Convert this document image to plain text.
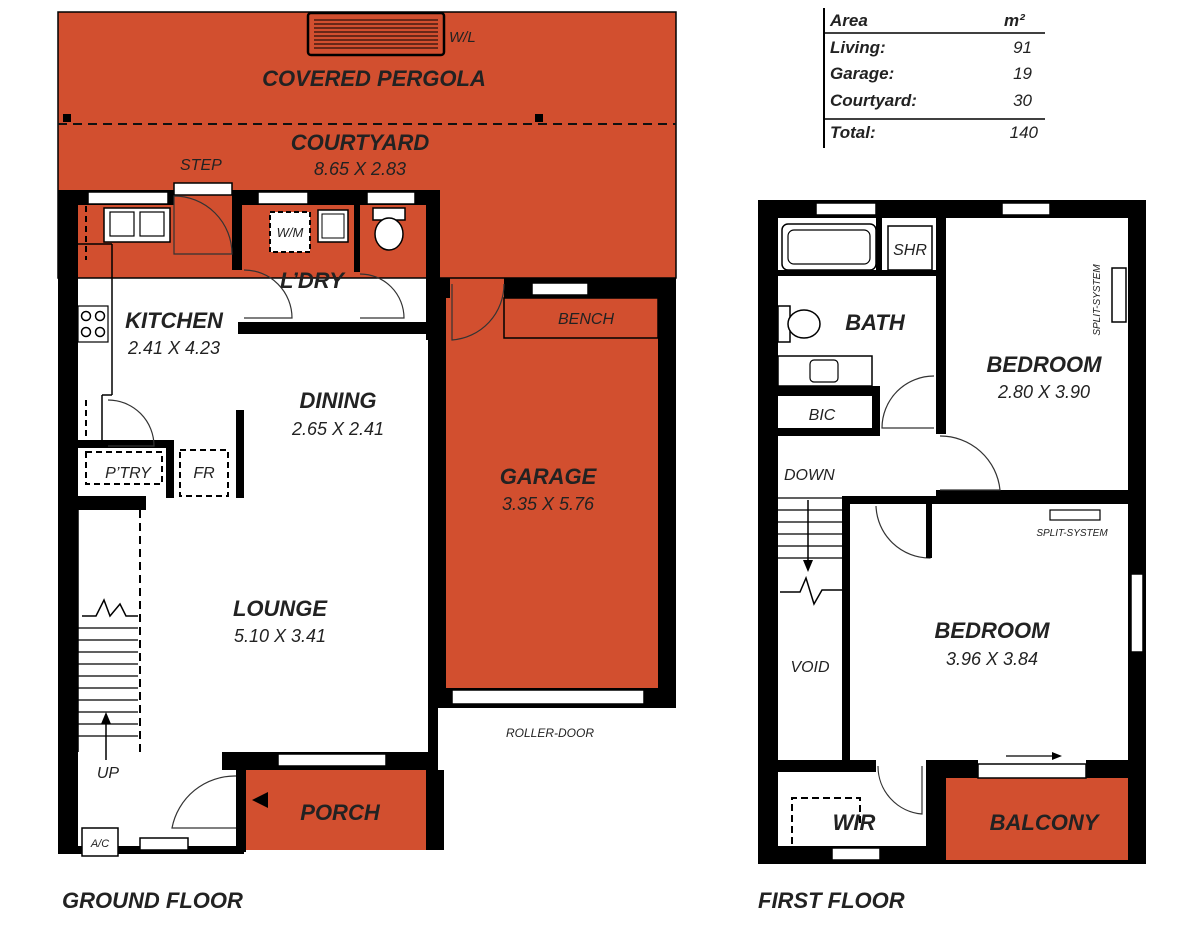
Area	m²
Living:	91
Garage:	19
Courtyard:	30
Total:	140
W/L
COVERED PERGOLA
COURTYARD
8.65 X 2.83
STEP
KITCHEN
2.41 X 4.23
W/M
L’DRY
P’TRY	FR
DINING
2.65 X 2.41
BENCH
GARAGE
3.35 X 5.76
ROLLER-DOOR
UP
LOUNGE
5.10 X 3.41
PORCH
A/C
GROUND FLOOR
SHR
BATH
BIC
SPLIT-SYSTEM
BEDROOM
2.80 X 3.90
DOWN
VOID
SPLIT-SYSTEM
BEDROOM
3.96 X 3.84
WIR	BALCONY
FIRST FLOOR
